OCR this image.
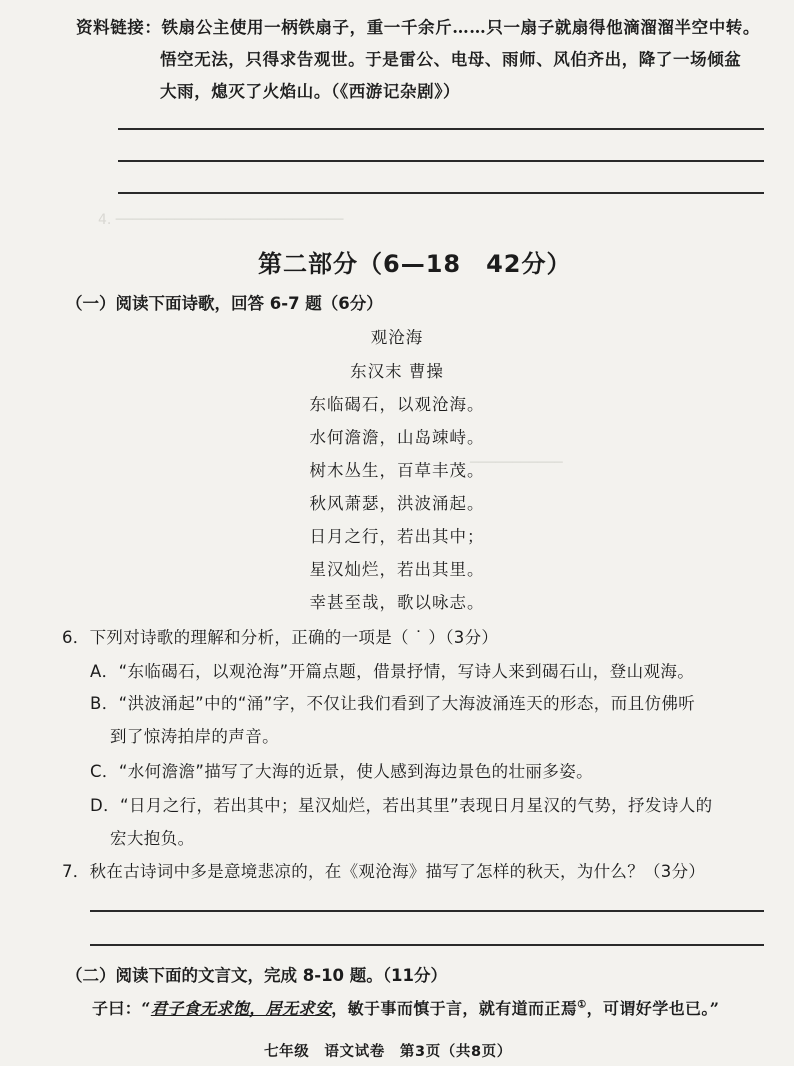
4. ───────────────────────────
───────────
资料链接：铁扇公主使用一柄铁扇子，重一千余斤……只一扇子就扇得他滴溜溜半空中转。
悟空无法，只得求告观世。于是雷公、电母、雨师、风伯齐出，降了一场倾盆
大雨，熄灭了火焰山。（《西游记杂剧》）
第二部分（6—18　42分）
（一）阅读下面诗歌，回答 6-7 题（6分）
观沧海
东汉末 曹操
东临碣石，以观沧海。
水何澹澹，山岛竦峙。
树木丛生，百草丰茂。
秋风萧瑟，洪波涌起。
日月之行，若出其中；
星汉灿烂，若出其里。
幸甚至哉，歌以咏志。
6．下列对诗歌的理解和分析，正确的一项是（ ˙ ）（3分）
A．“东临碣石，以观沧海”开篇点题，借景抒情，写诗人来到碣石山，登山观海。
B．“洪波涌起”中的“涌”字，不仅让我们看到了大海波涌连天的形态，而且仿佛听
到了惊涛拍岸的声音。
C．“水何澹澹”描写了大海的近景，使人感到海边景色的壮丽多姿。
D．“日月之行，若出其中；星汉灿烂，若出其里”表现日月星汉的气势，抒发诗人的
宏大抱负。
7．秋在古诗词中多是意境悲凉的，在《观沧海》描写了怎样的秋天，为什么？（3分）
（二）阅读下面的文言文，完成 8-10 题。（11分）
子曰：“君子食无求饱，居无求安，敏于事而慎于言，就有道而正焉①，可谓好学也已。”
七年级　语文试卷　第3页（共8页）
